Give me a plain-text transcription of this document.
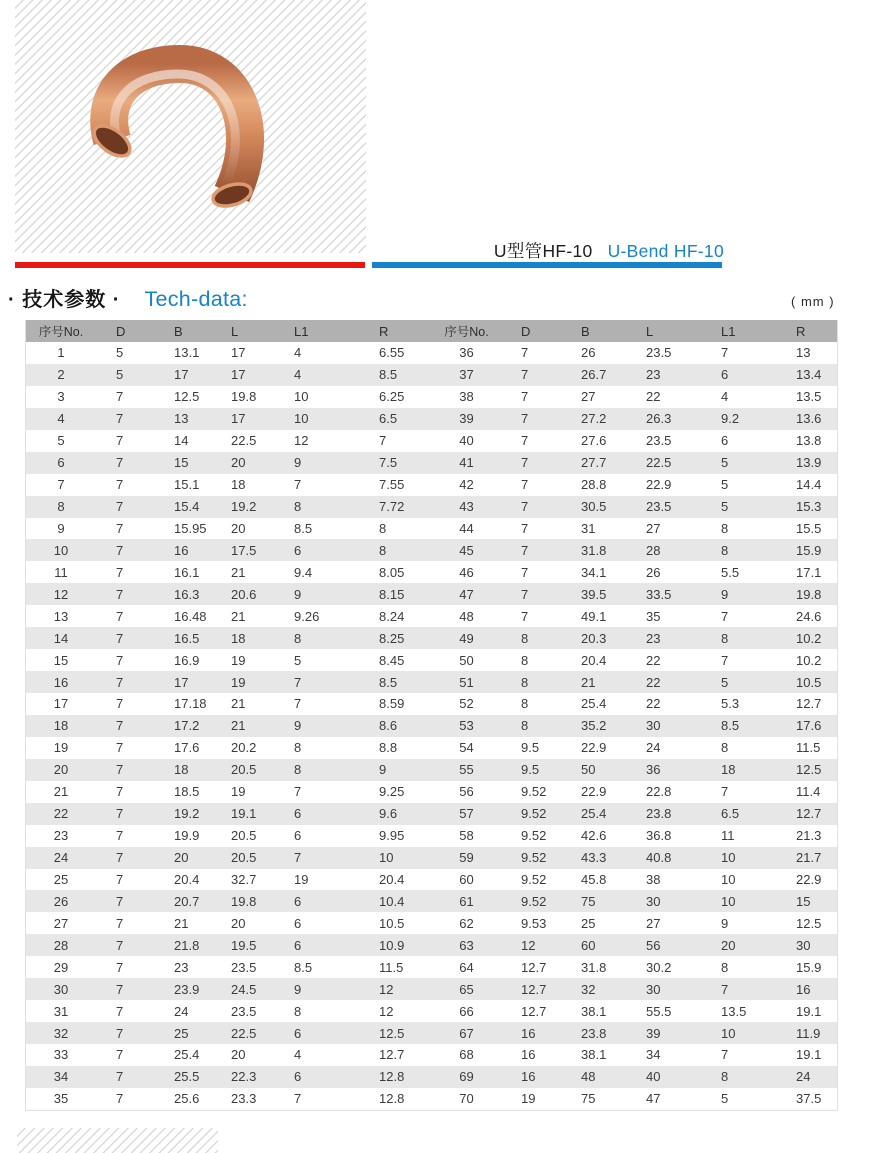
U型管HF-10 U-Bend HF-10
· 技术参数 · Tech-data:	( mm )
序号No.	D	B	L	L1	R	序号No.	D	B	L	L1	R
1	5	13.1	17	4	6.55	36	7	26	23.5	7	13
2	5	17	17	4	8.5	37	7	26.7	23	6	13.4
3	7	12.5	19.8	10	6.25	38	7	27	22	4	13.5
4	7	13	17	10	6.5	39	7	27.2	26.3	9.2	13.6
5	7	14	22.5	12	7	40	7	27.6	23.5	6	13.8
6	7	15	20	9	7.5	41	7	27.7	22.5	5	13.9
7	7	15.1	18	7	7.55	42	7	28.8	22.9	5	14.4
8	7	15.4	19.2	8	7.72	43	7	30.5	23.5	5	15.3
9	7	15.95	20	8.5	8	44	7	31	27	8	15.5
10	7	16	17.5	6	8	45	7	31.8	28	8	15.9
11	7	16.1	21	9.4	8.05	46	7	34.1	26	5.5	17.1
12	7	16.3	20.6	9	8.15	47	7	39.5	33.5	9	19.8
13	7	16.48	21	9.26	8.24	48	7	49.1	35	7	24.6
14	7	16.5	18	8	8.25	49	8	20.3	23	8	10.2
15	7	16.9	19	5	8.45	50	8	20.4	22	7	10.2
16	7	17	19	7	8.5	51	8	21	22	5	10.5
17	7	17.18	21	7	8.59	52	8	25.4	22	5.3	12.7
18	7	17.2	21	9	8.6	53	8	35.2	30	8.5	17.6
19	7	17.6	20.2	8	8.8	54	9.5	22.9	24	8	11.5
20	7	18	20.5	8	9	55	9.5	50	36	18	12.5
21	7	18.5	19	7	9.25	56	9.52	22.9	22.8	7	11.4
22	7	19.2	19.1	6	9.6	57	9.52	25.4	23.8	6.5	12.7
23	7	19.9	20.5	6	9.95	58	9.52	42.6	36.8	11	21.3
24	7	20	20.5	7	10	59	9.52	43.3	40.8	10	21.7
25	7	20.4	32.7	19	20.4	60	9.52	45.8	38	10	22.9
26	7	20.7	19.8	6	10.4	61	9.52	75	30	10	15
27	7	21	20	6	10.5	62	9.53	25	27	9	12.5
28	7	21.8	19.5	6	10.9	63	12	60	56	20	30
29	7	23	23.5	8.5	11.5	64	12.7	31.8	30.2	8	15.9
30	7	23.9	24.5	9	12	65	12.7	32	30	7	16
31	7	24	23.5	8	12	66	12.7	38.1	55.5	13.5	19.1
32	7	25	22.5	6	12.5	67	16	23.8	39	10	11.9
33	7	25.4	20	4	12.7	68	16	38.1	34	7	19.1
34	7	25.5	22.3	6	12.8	69	16	48	40	8	24
35	7	25.6	23.3	7	12.8	70	19	75	47	5	37.5
